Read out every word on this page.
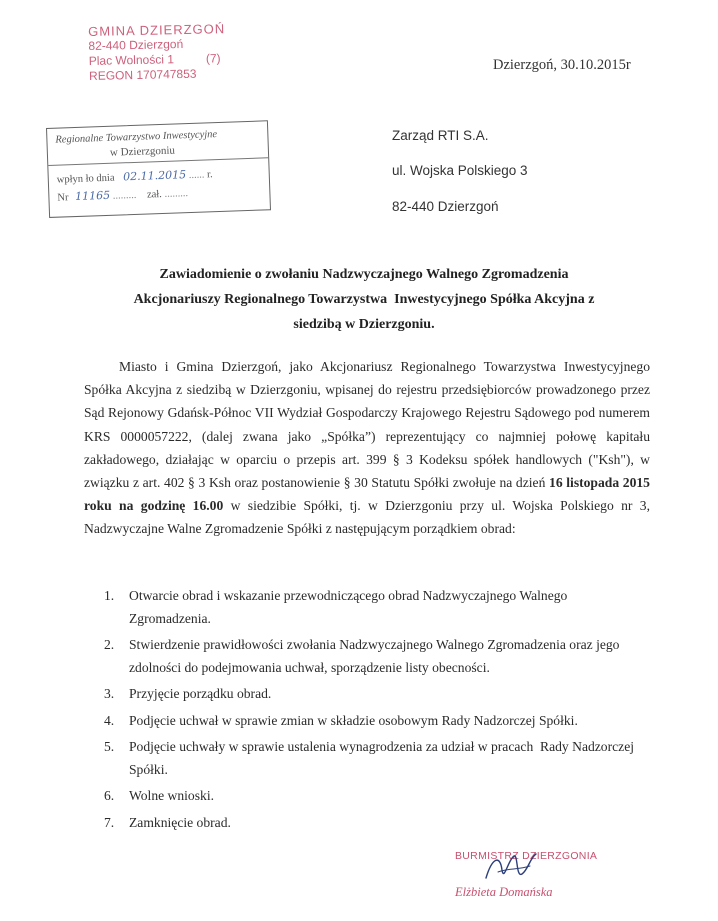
GMINA DZIERZGOŃ
82-440 Dzierzgoń
Plac Wolności 1	(7)
REGON 170747853
Dzierzgoń, 30.10.2015r
Regionalne Towarzystwo Inwestycyjne
w Dzierzgoniu
wpłyn ło dnia 02.11.2015 ...... r.
Nr 11165 ......... zał. .........
Zarząd RTI S.A.
ul. Wojska Polskiego 3
82-440 Dzierzgoń
Zawiadomienie o zwołaniu Nadzwyczajnego Walnego Zgromadzenia
Akcjonariuszy Regionalnego Towarzystwa  Inwestycyjnego Spółka Akcyjna z
siedzibą w Dzierzgoniu.
Miasto i Gmina Dzierzgoń, jako Akcjonariusz Regionalnego Towarzystwa Inwestycyjnego Spółka Akcyjna z siedzibą w Dzierzgoniu, wpisanej do rejestru przedsiębiorców prowadzonego przez Sąd Rejonowy Gdańsk-Północ VII Wydział Gospodarczy Krajowego Rejestru Sądowego pod numerem KRS 0000057222, (dalej zwana jako „Spółka”) reprezentujący co najmniej połowę kapitału zakładowego, działając w oparciu o przepis art. 399 § 3 Kodeksu spółek handlowych ("Ksh"), w związku z art. 402 § 3 Ksh oraz postanowienie § 30 Statutu Spółki zwołuje na dzień 16 listopada 2015 roku na godzinę 16.00 w siedzibie Spółki, tj. w Dzierzgoniu przy ul. Wojska Polskiego nr 3, Nadzwyczajne Walne Zgromadzenie Spółki z następującym porządkiem obrad:
1. Otwarcie obrad i wskazanie przewodniczącego obrad Nadzwyczajnego Walnego Zgromadzenia.
2. Stwierdzenie prawidłowości zwołania Nadzwyczajnego Walnego Zgromadzenia oraz jego zdolności do podejmowania uchwał, sporządzenie listy obecności.
3. Przyjęcie porządku obrad.
4. Podjęcie uchwał w sprawie zmian w składzie osobowym Rady Nadzorczej Spółki.
5. Podjęcie uchwały w sprawie ustalenia wynagrodzenia za udział w pracach  Rady Nadzorczej Spółki.
6. Wolne wnioski.
7. Zamknięcie obrad.
BURMISTRZ DZIERZGONIA
Elżbieta Domańska
